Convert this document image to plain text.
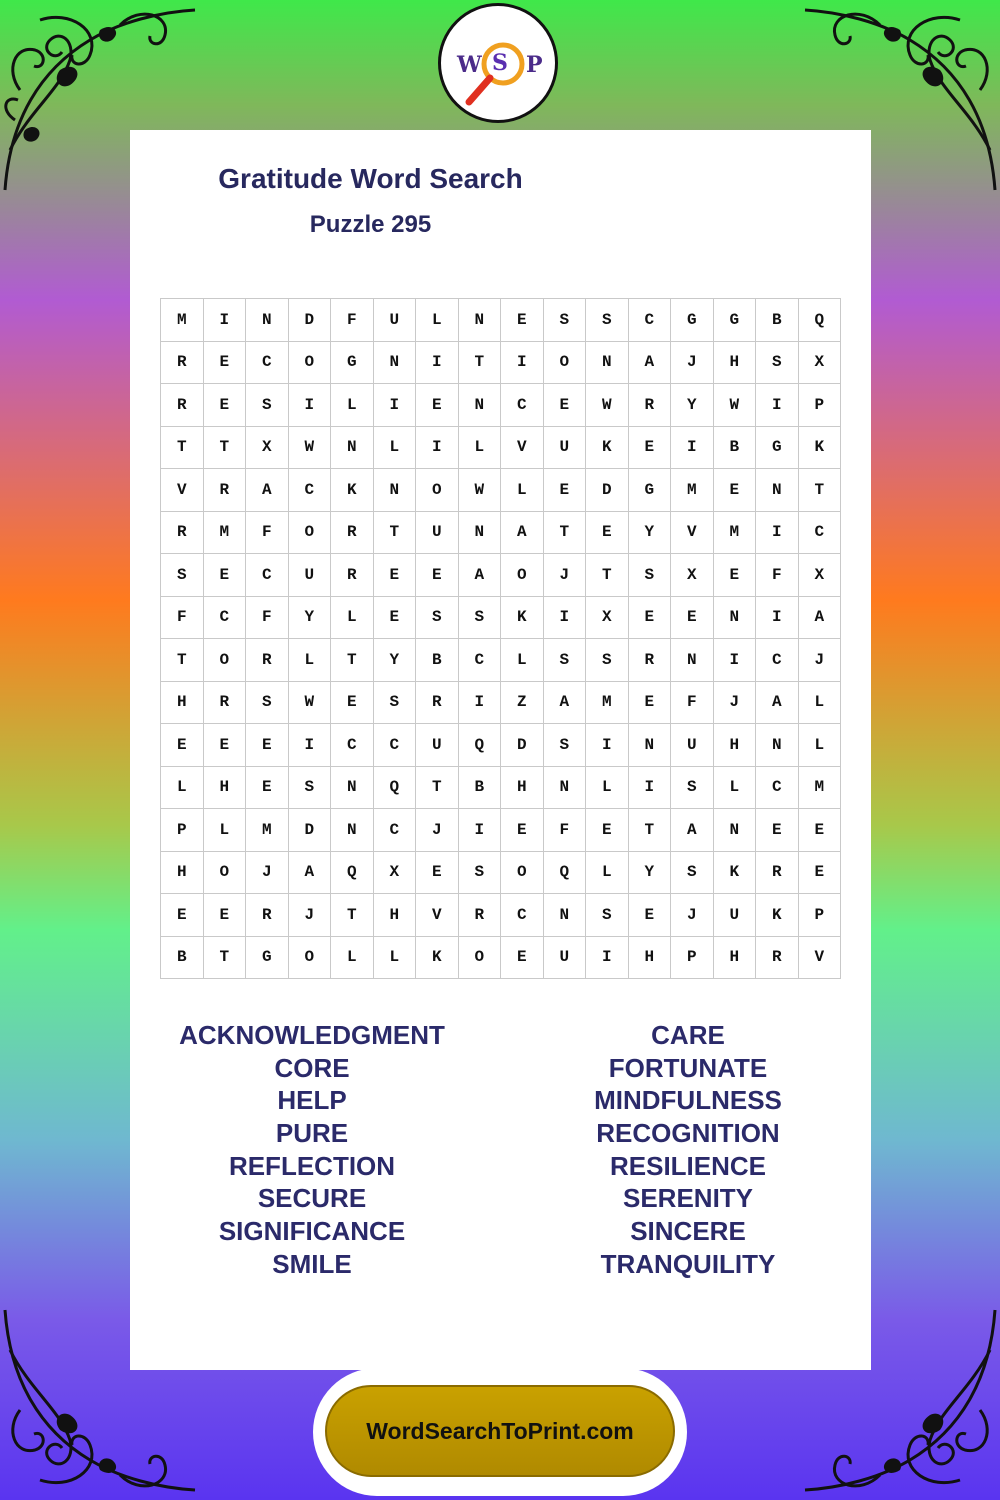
W S P
Gratitude Word Search
Puzzle 295
M	I	N	D	F	U	L	N	E	S	S	C	G	G	B	Q
R	E	C	O	G	N	I	T	I	O	N	A	J	H	S	X
R	E	S	I	L	I	E	N	C	E	W	R	Y	W	I	P
T	T	X	W	N	L	I	L	V	U	K	E	I	B	G	K
V	R	A	C	K	N	O	W	L	E	D	G	M	E	N	T
R	M	F	O	R	T	U	N	A	T	E	Y	V	M	I	C
S	E	C	U	R	E	E	A	O	J	T	S	X	E	F	X
F	C	F	Y	L	E	S	S	K	I	X	E	E	N	I	A
T	O	R	L	T	Y	B	C	L	S	S	R	N	I	C	J
H	R	S	W	E	S	R	I	Z	A	M	E	F	J	A	L
E	E	E	I	C	C	U	Q	D	S	I	N	U	H	N	L
L	H	E	S	N	Q	T	B	H	N	L	I	S	L	C	M
P	L	M	D	N	C	J	I	E	F	E	T	A	N	E	E
H	O	J	A	Q	X	E	S	O	Q	L	Y	S	K	R	E
E	E	R	J	T	H	V	R	C	N	S	E	J	U	K	P
B	T	G	O	L	L	K	O	E	U	I	H	P	H	R	V
ACKNOWLEDGMENT
CORE
HELP
PURE
REFLECTION
SECURE
SIGNIFICANCE
SMILE
CARE
FORTUNATE
MINDFULNESS
RECOGNITION
RESILIENCE
SERENITY
SINCERE
TRANQUILITY
WordSearchToPrint.com
